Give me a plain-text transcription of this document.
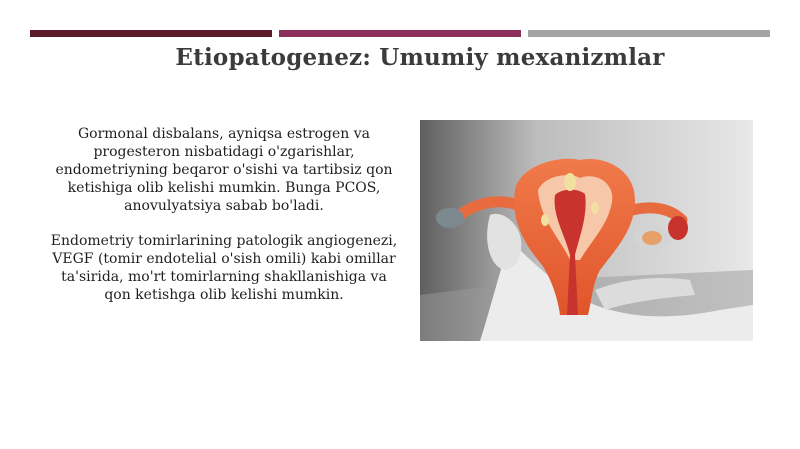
Etiopatogenez: Umumiy mexanizmlar

Gormonal disbalans, ayniqsa estrogen va progesteron nisbatidagi o'zgarishlar, endometriyning beqaror o'sishi va tartibsiz qon ketishiga olib kelishi mumkin. Bunga PCOS, anovulyatsiya sabab bo'ladi.

Endometriy tomirlarining patologik angiogenezi, VEGF (tomir endotelial o'sish omili) kabi omillar ta'sirida, mo'rt tomirlarning shakllanishiga va qon ketishga olib kelishi mumkin.
